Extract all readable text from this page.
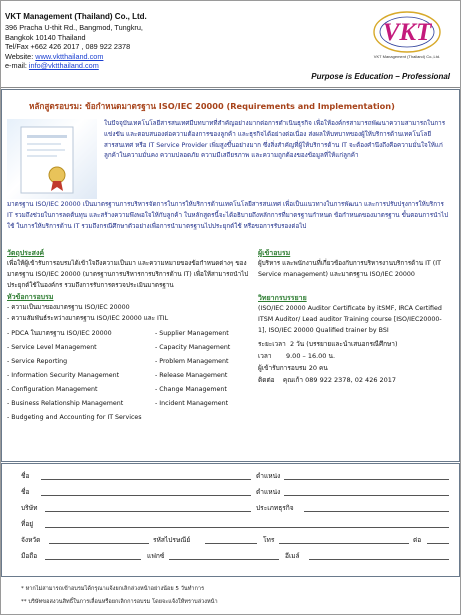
VKT Management (Thailand) Co., Ltd.
396 Pracha U-thit Rd., Bangmod, Tungkru,
Bangkok 10140 Thailand
Tel/Fax +662 426 2017 , 089 922 2378
Website: www.vktthailand.com
e-mail: info@vktthailand.com
VKT
VKT Management (Thailand) Co.,Ltd.
Purpose is Education – Professional
หลักสูตรอบรม: ข้อกำหนดมาตรฐาน ISO/IEC 20000 (Requirements and Implementation)
ในปัจจุบันเทคโนโลยีสารสนเทศมีบทบาทที่สำคัญอย่างมากต่อการดำเนินธุรกิจ เพื่อให้องค์กรสามารถพัฒนาความสามารถในการแข่งขัน และตอบสนองต่อความต้องการของลูกค้า และธุรกิจได้อย่างต่อเนื่อง ส่งผลให้บทบาทของผู้ให้บริการด้านเทคโนโลยีสารสนเทศ หรือ IT Service Provider เพิ่มสูงขึ้นอย่างมาก ซึ่งสิ่งสำคัญที่ผู้ให้บริการด้าน IT จะต้องคำนึงถึงคือความมั่นใจให้แก่ลูกค้าในความมั่นคง ความปลอดภัย ความมีเสถียรภาพ และความถูกต้องของข้อมูลที่ให้แก่ลูกค้า
มาตรฐาน ISO/IEC 20000 เป็นมาตรฐานการบริหารจัดการในการให้บริการด้านเทคโนโลยีสารสนเทศ เพื่อเป็นแนวทางในการพัฒนา และการปรับปรุงการให้บริการ IT รวมถึงช่วยในการลดต้นทุน และสร้างความพึงพอใจให้กับลูกค้า ในหลักสูตรนี้จะได้อธิบายถึงหลักการที่มาตรฐานกำหนด ข้อกำหนดของมาตรฐาน ขั้นตอนการนำไปใช้ ในการให้บริการด้าน IT รวมถึงกรณีศึกษาตัวอย่างเพื่อการนำมาตรฐานไปประยุกต์ใช้ หรือขอการรับรองต่อไป
วัตถุประสงค์
เพื่อให้ผู้เข้ารับการอบรมได้เข้าใจถึงความเป็นมา และความหมายของข้อกำหนดต่างๆ ของมาตรฐาน ISO/IEC 20000 (มาตรฐานการบริหารการบริการด้าน IT) เพื่อให้สามารถนำไปประยุกต์ใช้ในองค์กร รวมถึงการรับการตรวจประเมินมาตรฐาน
หัวข้อการอบรม
- ความเป็นมาของมาตรฐาน ISO/IEC 20000
- ความสัมพันธ์ระหว่างมาตรฐาน ISO/IEC 20000 และ ITIL
- PDCA ในมาตรฐาน ISO/IEC 20000
- Service Level Management
- Service Reporting
- Information Security Management
- Configuration Management
- Business Relationship Management
- Supplier Management
- Capacity Management
- Problem Management
- Release Management
- Change Management
- Incident Management
- Budgeting and Accounting for IT Services
ผู้เข้าอบรม
ผู้บริหาร และพนักงานที่เกี่ยวข้องกับการบริหารงานบริการด้าน IT (IT Service management) และมาตรฐาน ISO/IEC 20000
วิทยากรบรรยาย
(ISO/IEC 20000 Auditor Certificate by itSMF, IRCA Certified ITSM Auditor/ Lead auditor Training course [ISO/IEC20000-1], ISO/IEC 20000 Qualified trainer by BSI
ระยะเวลา 2 วัน (บรรยายและนำเสนอกรณีศึกษา)
เวลา 9.00 – 16.00 น.
ผู้เข้ารับการอบรม 20 คน
ติดต่อ คุณเก้า 089 922 2378, 02 426 2017
ชื่อ	ตำแหน่ง
ชื่อ	ตำแหน่ง
บริษัท	ประเภทธุรกิจ
ที่อยู่
จังหวัด	รหัสไปรษณีย์	โทร	ต่อ
มือถือ	แฟกซ์	อีเมล์
* หากไม่สามารถเข้าอบรมได้กรุณาแจ้งยกเลิกล่วงหน้าอย่างน้อย 5 วันทำการ
** บริษัทขอสงวนสิทธิ์ในการเลื่อนหรือยกเลิกการอบรม โดยจะแจ้งให้ทราบล่วงหน้า
